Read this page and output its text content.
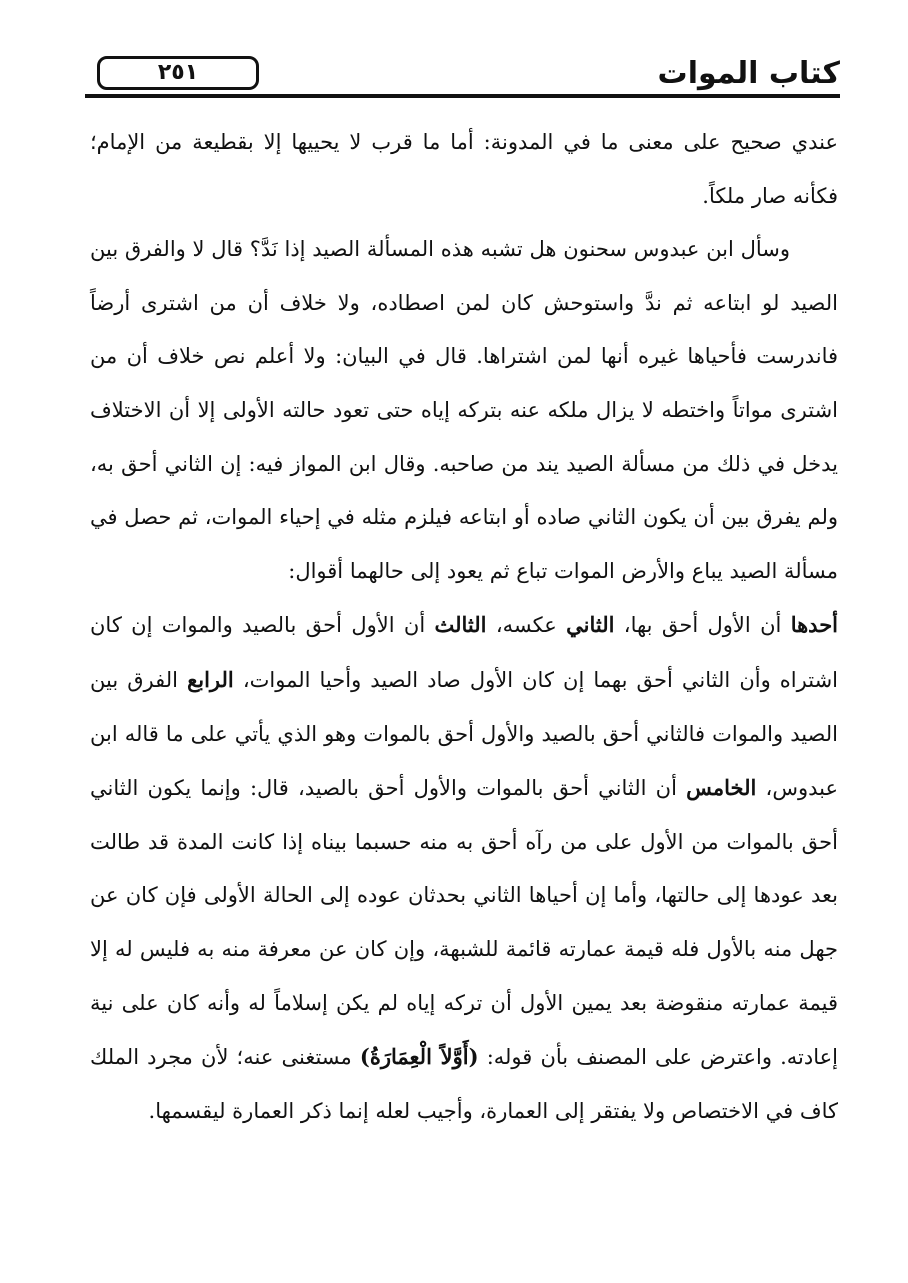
كتاب الموات
٢٥١

عندي صحيح على معنى ما في المدونة: أما ما قرب لا يحييها إلا بقطيعة من الإمام؛ فكأنه صار ملكاً.

وسأل ابن عبدوس سحنون هل تشبه هذه المسألة الصيد إذا نَدَّ؟ قال لا والفرق بين الصيد لو ابتاعه ثم ندَّ واستوحش كان لمن اصطاده، ولا خلاف أن من اشترى أرضاً فاندرست فأحياها غيره أنها لمن اشتراها. قال في البيان: ولا أعلم نص خلاف أن من اشترى مواتاً واختطه لا يزال ملكه عنه بتركه إياه حتى تعود حالته الأولى إلا أن الاختلاف يدخل في ذلك من مسألة الصيد يند من صاحبه. وقال ابن المواز فيه: إن الثاني أحق به، ولم يفرق بين أن يكون الثاني صاده أو ابتاعه فيلزم مثله في إحياء الموات، ثم حصل في مسألة الصيد يباع والأرض الموات تباع ثم يعود إلى حالهما أقوال:

أحدها أن الأول أحق بها، الثاني عكسه، الثالث أن الأول أحق بالصيد والموات إن كان اشتراه وأن الثاني أحق بهما إن كان الأول صاد الصيد وأحيا الموات، الرابع الفرق بين الصيد والموات فالثاني أحق بالصيد والأول أحق بالموات وهو الذي يأتي على ما قاله ابن عبدوس، الخامس أن الثاني أحق بالموات والأول أحق بالصيد، قال: وإنما يكون الثاني أحق بالموات من الأول على من رآه أحق به منه حسبما بيناه إذا كانت المدة قد طالت بعد عودها إلى حالتها، وأما إن أحياها الثاني بحدثان عوده إلى الحالة الأولى فإن كان عن جهل منه بالأول فله قيمة عمارته قائمة للشبهة، وإن كان عن معرفة منه به فليس له إلا قيمة عمارته منقوضة بعد يمين الأول أن تركه إياه لم يكن إسلاماً له وأنه كان على نية إعادته. واعترض على المصنف بأن قوله: (أَوَّلاً الْعِمَارَةُ) مستغنى عنه؛ لأن مجرد الملك كاف في الاختصاص ولا يفتقر إلى العمارة، وأجيب لعله إنما ذكر العمارة ليقسمها.
